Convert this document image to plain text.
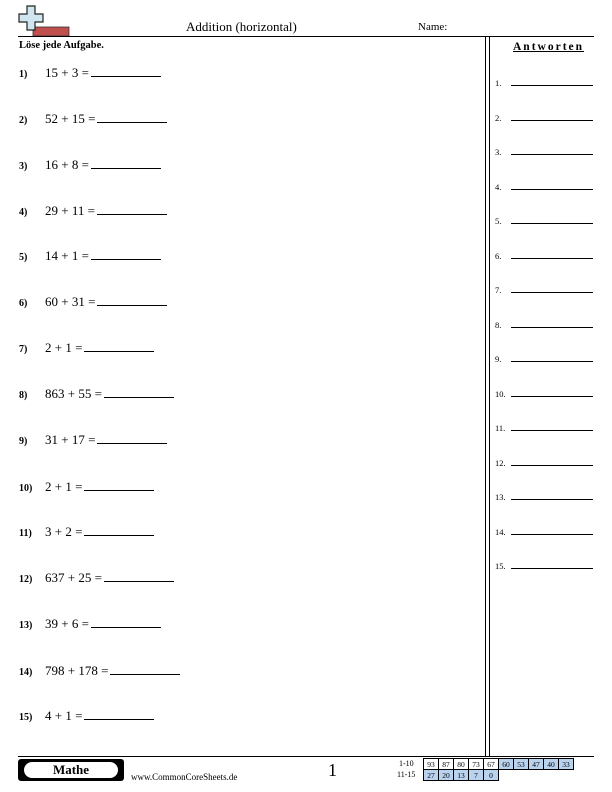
Addition (horizontal)	Name:
Löse jede Aufgabe.
1)	15 + 3 =
2)	52 + 15 =
3)	16 + 8 =
4)	29 + 11 =
5)	14 + 1 =
6)	60 + 31 =
7)	2 + 1 =
8)	863 + 55 =
9)	31 + 17 =
10) 2 + 1 =
11)	3 + 2 =
12) 637 + 25 =
13) 39 + 6 =
14) 798 + 178 =
15) 4 + 1 =
Antworten
1.
2.
3.
4.
5.
6.
7.
8.
9.
10.
11.
12.
13.
14.
15.
Mathe	www.CommonCoreSheets.de	1	1-10
11-15
93	87	80	73	67	60	53	47	40	33
27	20	13	7	0					
